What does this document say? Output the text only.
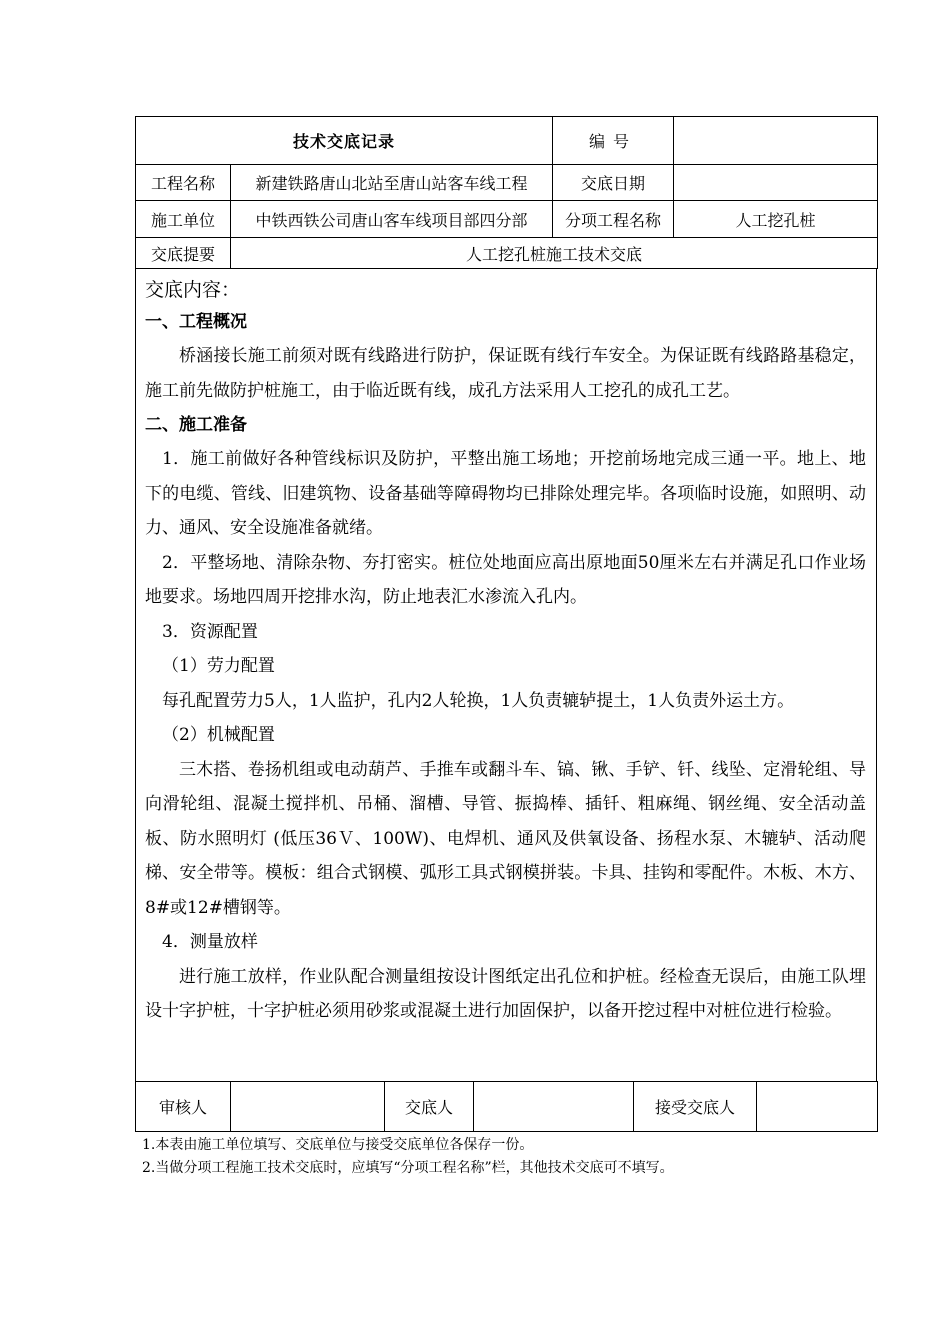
技术交底记录		编号	
工程名称	新建铁路唐山北站至唐山站客车线工程	交底日期	
施工单位	中铁西铁公司唐山客车线项目部四分部	分项工程名称	人工挖孔桩
交底提要	人工挖孔桩施工技术交底		
交底内容：
一、工程概况

桥涵接长施工前须对既有线路进行防护，保证既有线行车安全。为保证既有线路路基稳定，施工前先做防护桩施工，由于临近既有线，成孔方法采用人工挖孔的成孔工艺。

二、施工准备

1．施工前做好各种管线标识及防护，平整出施工场地；开挖前场地完成三通一平。地上、地下的电缆、管线、旧建筑物、设备基础等障碍物均已排除处理完毕。各项临时设施，如照明、动力、通风、安全设施准备就绪。

2．平整场地、清除杂物、夯打密实。桩位处地面应高出原地面50厘米左右并满足孔口作业场地要求。场地四周开挖排水沟，防止地表汇水渗流入孔内。

3．资源配置

（1）劳力配置

每孔配置劳力5人，1人监护，孔内2人轮换，1人负责辘轳提土，1人负责外运土方。

（2）机械配置

三木搭、卷扬机组或电动葫芦、手推车或翻斗车、镐、锹、手铲、钎、线坠、定滑轮组、导向滑轮组、混凝土搅拌机、吊桶、溜槽、导管、振捣棒、插钎、粗麻绳、钢丝绳、安全活动盖板、防水照明灯 (低压36Ｖ、100W)、电焊机、通风及供氧设备、扬程水泵、木辘轳、活动爬梯、安全带等。模板：组合式钢模、弧形工具式钢模拼装。卡具、挂钩和零配件。木板、木方、8#或12#槽钢等。

4．测量放样

进行施工放样，作业队配合测量组按设计图纸定出孔位和护桩。经检查无误后，由施工队埋设十字护桩，十字护桩必须用砂浆或混凝土进行加固保护，以备开挖过程中对桩位进行检验。

审核人		交底人		接受交底人	
1.本表由施工单位填写、交底单位与接受交底单位各保存一份。
2.当做分项工程施工技术交底时，应填写“分项工程名称”栏，其他技术交底可不填写。
